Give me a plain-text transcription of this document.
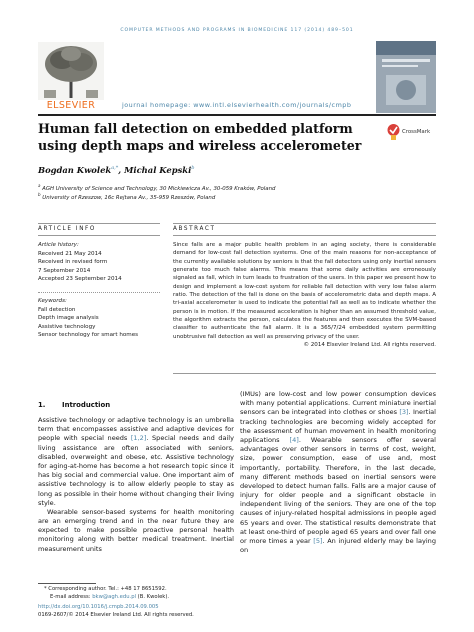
COMPUTER METHODS AND PROGRAMS IN BIOMEDICINE 117 (2014) 489–501
ELSEVIER	journal homepage: www.intl.elsevierhealth.com/journals/cmpb
Human fall detection on embedded platform using depth maps and wireless accelerometer
CrossMark
Bogdan Kwolek$^{a,*}$, Michal Kepski$^b$
$^a$ AGH University of Science and Technology, 30 Mickiewicza Av., 30-059 Kraków, Poland
$^b$ University of Rzeszow, 16c Rejtana Av., 35-959 Rzeszów, Poland
ARTICLE INFO
Article history:
Received 21 May 2014
Received in revised form
7 September 2014
Accepted 23 September 2014
Keywords:
Fall detection
Depth image analysis
Assistive technology
Sensor technology for smart homes
ABSTRACT
Since falls are a major public health problem in an aging society, there is considerable demand for low-cost fall detection systems. One of the main reasons for non-acceptance of the currently available solutions by seniors is that the fall detectors using only inertial sensors generate too much false alarms. This means that some daily activities are erroneously signaled as fall, which in turn leads to frustration of the users. In this paper we present how to design and implement a low-cost system for reliable fall detection with very low false alarm ratio. The detection of the fall is done on the basis of accelerometric data and depth maps. A tri-axial accelerometer is used to indicate the potential fall as well as to indicate whether the person is in motion. If the measured acceleration is higher than an assumed threshold value, the algorithm extracts the person, calculates the features and then executes the SVM-based classifier to authenticate the fall alarm. It is a 365/7/24 embedded system permitting unobtrusive fall detection as well as preserving privacy of the user.
© 2014 Elsevier Ireland Ltd. All rights reserved.
1. Introduction

Assistive technology or adaptive technology is an umbrella term that encompasses assistive and adaptive devices for people with special needs [1,2]. Special needs and daily living assistance are often associated with seniors, disabled, overweight and obese, etc. Assistive technology for aging-at-home has become a hot research topic since it has big social and commercial value. One important aim of assistive technology is to allow elderly people to stay as long as possible in their home without changing their living style.

Wearable sensor-based systems for health monitoring are an emerging trend and in the near future they are expected to make possible proactive personal health monitoring along with better medical treatment. Inertial measurement units

(IMUs) are low-cost and low power consumption devices with many potential applications. Current miniature inertial sensors can be integrated into clothes or shoes [3]. Inertial tracking technologies are becoming widely accepted for the assessment of human movement in health monitoring applications [4]. Wearable sensors offer several advantages over other sensors in terms of cost, weight, size, power consumption, ease of use and, most importantly, portability. Therefore, in the last decade, many different methods based on inertial sensors were developed to detect human falls. Falls are a major cause of injury for older people and a significant obstacle in independent living of the seniors. They are one of the top causes of injury-related hospital admissions in people aged 65 years and over. The statistical results demonstrate that at least one-third of people aged 65 years and over fall one or more times a year [5]. An injured elderly may be laying on

* Corresponding author. Tel.: +48 17 8651592.
E-mail address: bkw@agh.edu.pl (B. Kwolek).
http://dx.doi.org/10.1016/j.cmpb.2014.09.005
0169-2607/© 2014 Elsevier Ireland Ltd. All rights reserved.
